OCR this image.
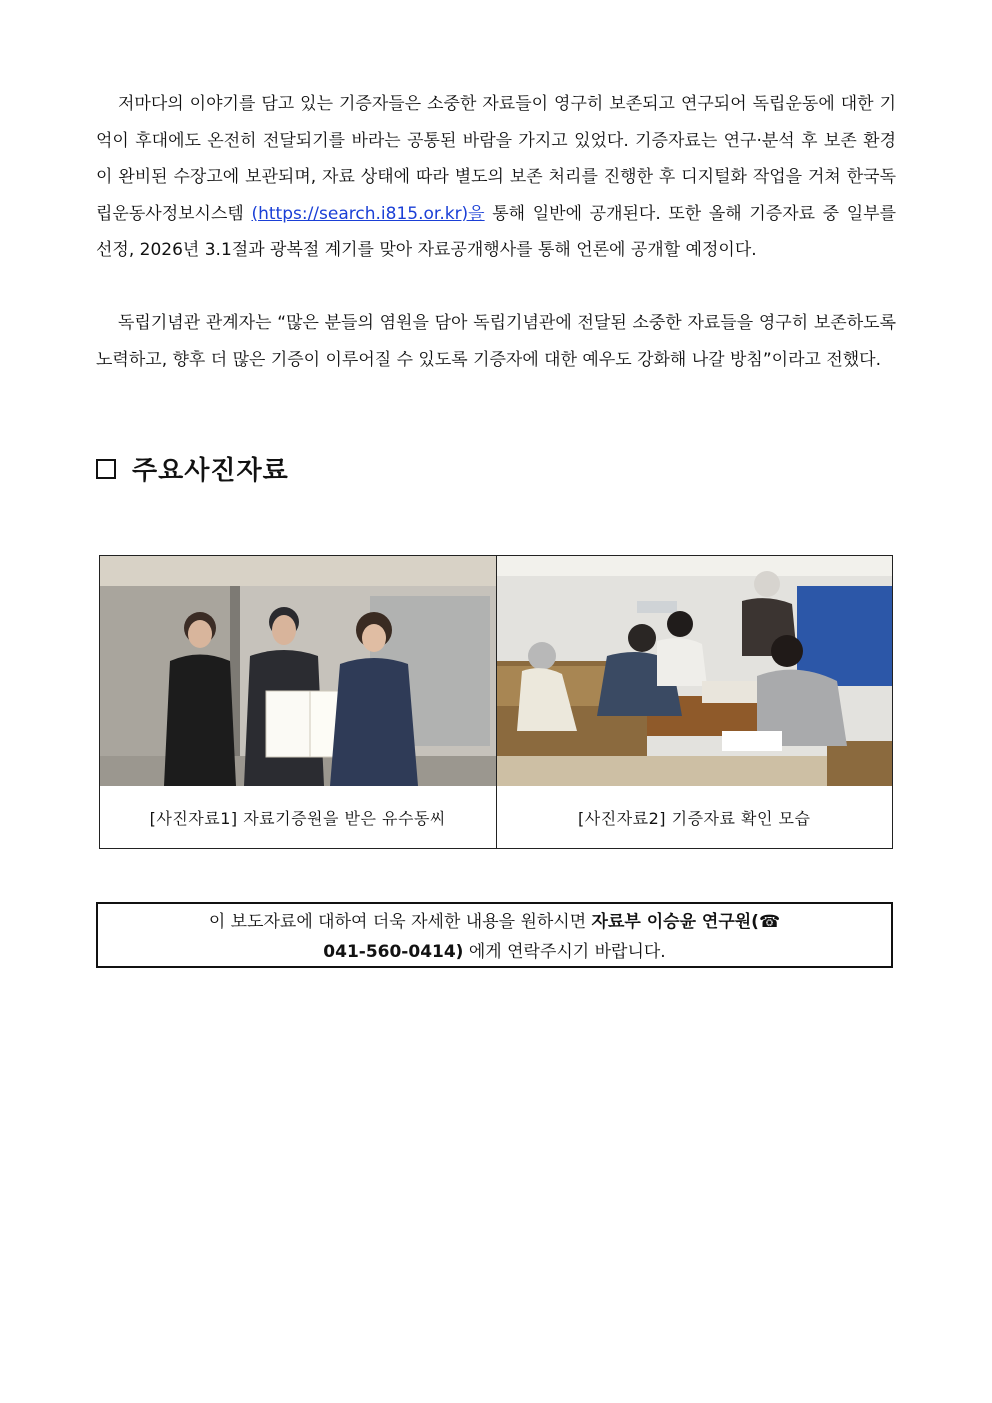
저마다의 이야기를 담고 있는 기증자들은 소중한 자료들이 영구히 보존되고 연구되어 독립운동에 대한 기억이 후대에도 온전히 전달되기를 바라는 공통된 바람을 가지고 있었다. 기증자료는 연구·분석 후 보존 환경이 완비된 수장고에 보관되며, 자료 상태에 따라 별도의 보존 처리를 진행한 후 디지털화 작업을 거쳐 한국독립운동사정보시스템 (https://search.i815.or.kr)을 통해 일반에 공개된다. 또한 올해 기증자료 중 일부를 선정, 2026년 3.1절과 광복절 계기를 맞아 자료공개행사를 통해 언론에 공개할 예정이다.

독립기념관 관계자는 “많은 분들의 염원을 담아 독립기념관에 전달된 소중한 자료들을 영구히 보존하도록 노력하고, 향후 더 많은 기증이 이루어질 수 있도록 기증자에 대한 예우도 강화해 나갈 방침”이라고 전했다.

주요사진자료
[사진자료1] 자료기증원을 받은 유수동씨	[사진자료2] 기증자료 확인 모습
이 보도자료에 대하여 더욱 자세한 내용을 원하시면 자료부 이승윤 연구원(☎
041-560-0414) 에게 연락주시기 바랍니다.
